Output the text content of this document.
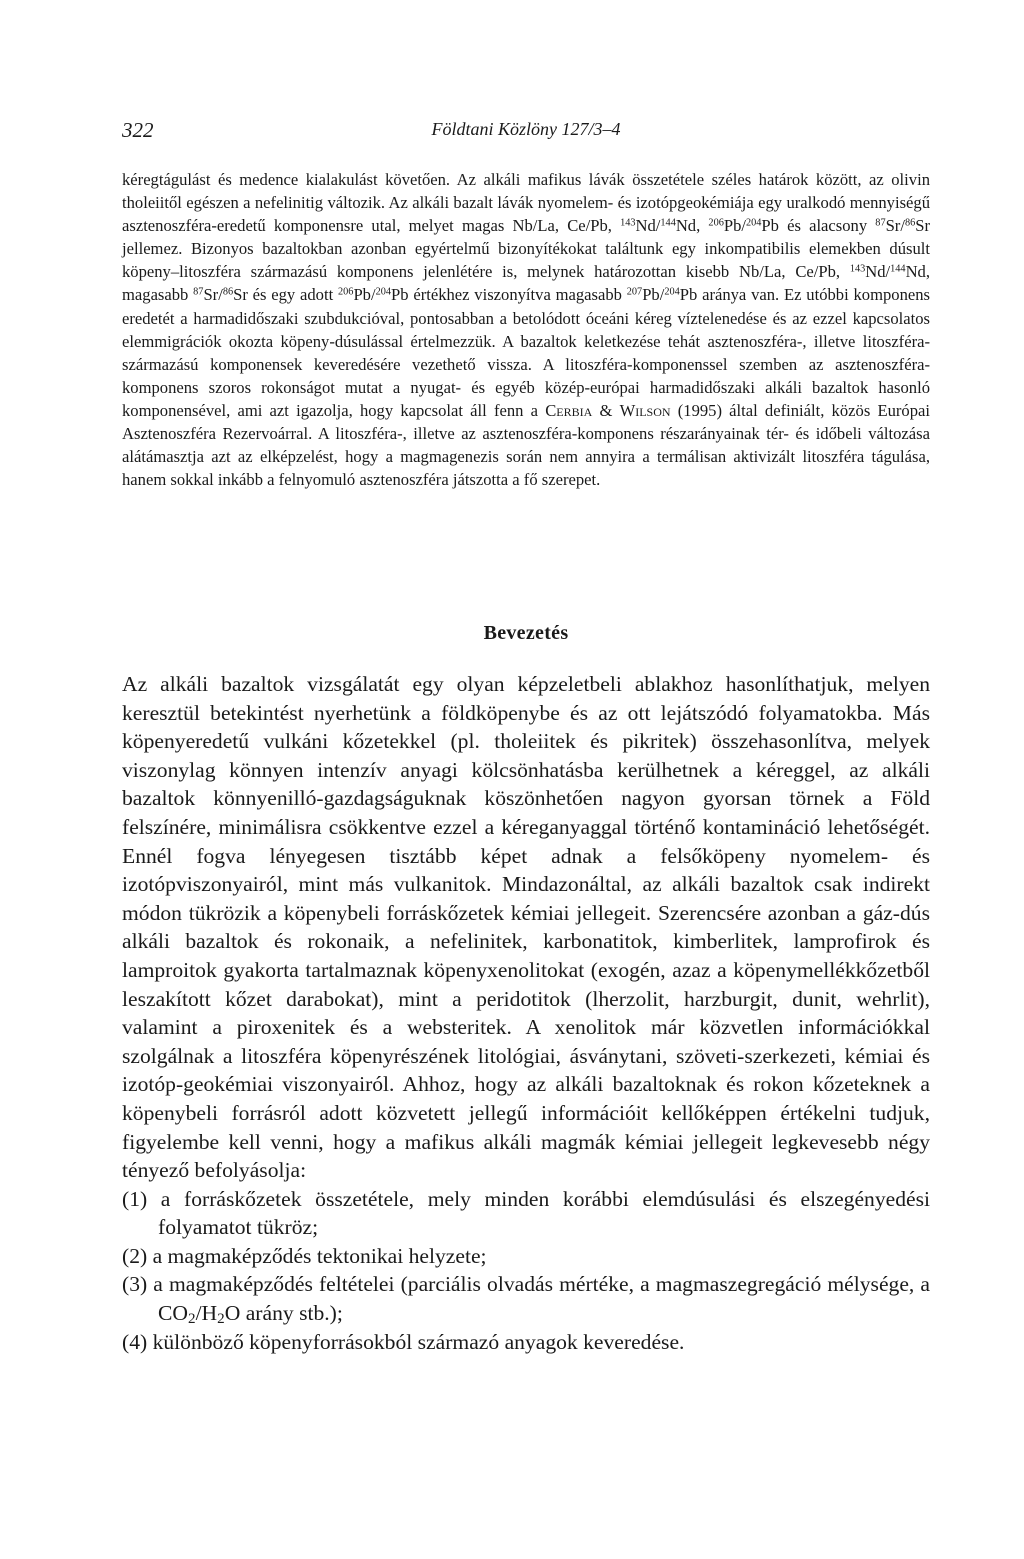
322	Földtani Közlöny 127/3–4

kéregtágulást és medence kialakulást követően. Az alkáli mafikus lávák összetétele széles határok között, az olivin tholeiitől egészen a nefelinitig változik. Az alkáli bazalt lávák nyomelem- és izotópgeokémiája egy uralkodó mennyiségű asztenoszféra-eredetű komponensre utal, melyet magas Nb/La, Ce/Pb, $^{143}$Nd/$^{144}$Nd, $^{206}$Pb/$^{204}$Pb és alacsony $^{87}$Sr/$^{86}$Sr jellemez. Bizonyos bazaltokban azonban egyértelmű bizonyítékokat találtunk egy inkompatibilis elemekben dúsult köpeny–litoszféra származású komponens jelenlétére is, melynek határozottan kisebb Nb/La, Ce/Pb, $^{143}$Nd/$^{144}$Nd, magasabb $^{87}$Sr/$^{86}$Sr és egy adott $^{206}$Pb/$^{204}$Pb értékhez viszonyítva magasabb $^{207}$Pb/$^{204}$Pb aránya van. Ez utóbbi komponens eredetét a harmadidőszaki szubdukcióval, pontosabban a betolódott óceáni kéreg víztelenedése és az ezzel kapcsolatos elemmigrációk okozta köpeny-dúsulással értelmezzük. A bazaltok keletkezése tehát asztenoszféra-, illetve litoszféra-származású komponensek keveredésére vezethető vissza. A litoszféra-komponenssel szemben az asztenoszféra-komponens szoros rokonságot mutat a nyugat- és egyéb közép-európai harmadidőszaki alkáli bazaltok hasonló komponensével, ami azt igazolja, hogy kapcsolat áll fenn a Cerbia & Wilson (1995) által definiált, közös Európai Asztenoszféra Rezervoárral. A litoszféra-, illetve az asztenoszféra-komponens részarányainak tér- és időbeli változása alátámasztja azt az elképzelést, hogy a magmagenezis során nem annyira a termálisan aktivizált litoszféra tágulása, hanem sokkal inkább a felnyomuló asztenoszféra játszotta a fő szerepet.

Bevezetés

Az alkáli bazaltok vizsgálatát egy olyan képzeletbeli ablakhoz hasonlíthatjuk, melyen keresztül betekintést nyerhetünk a földköpenybe és az ott lejátszódó folyamatokba. Más köpenyeredetű vulkáni kőzetekkel (pl. tholeiitek és pikritek) összehasonlítva, melyek viszonylag könnyen intenzív anyagi kölcsönhatásba kerülhetnek a kéreggel, az alkáli bazaltok könnyenilló-gazdagságuknak köszönhetően nagyon gyorsan törnek a Föld felszínére, minimálisra csökkentve ezzel a kéreganyaggal történő kontamináció lehetőségét. Ennél fogva lényegesen tisztább képet adnak a felsőköpeny nyomelem- és izotópviszonyairól, mint más vulkanitok. Mindazonáltal, az alkáli bazaltok csak indirekt módon tükrözik a köpenybeli forráskőzetek kémiai jellegeit. Szerencsére azonban a gáz-dús alkáli bazaltok és rokonaik, a nefelinitek, karbonatitok, kimberlitek, lamprofirok és lamproitok gyakorta tartalmaznak köpenyxenolitokat (exogén, azaz a köpenymellékkőzetből leszakított kőzet darabokat), mint a peridotitok (lherzolit, harzburgit, dunit, wehrlit), valamint a piroxenitek és a websteritek. A xenolitok már közvetlen információkkal szolgálnak a litoszféra köpenyrészének litológiai, ásványtani, szöveti-szerkezeti, kémiai és izotóp-geokémiai viszonyairól. Ahhoz, hogy az alkáli bazaltoknak és rokon kőzeteknek a köpenybeli forrásról adott közvetett jellegű információit kellőképpen értékelni tudjuk, figyelembe kell venni, hogy a mafikus alkáli magmák kémiai jellegeit legkevesebb négy tényező befolyásolja:

(1) a forráskőzetek összetétele, mely minden korábbi elemdúsulási és elszegényedési folyamatot tükröz;
(2) a magmaképződés tektonikai helyzete;
(3) a magmaképződés feltételei (parciális olvadás mértéke, a magmaszegregáció mélysége, a $CO_2/H_2O$ arány stb.);
(4) különböző köpenyforrásokból származó anyagok keveredése.
